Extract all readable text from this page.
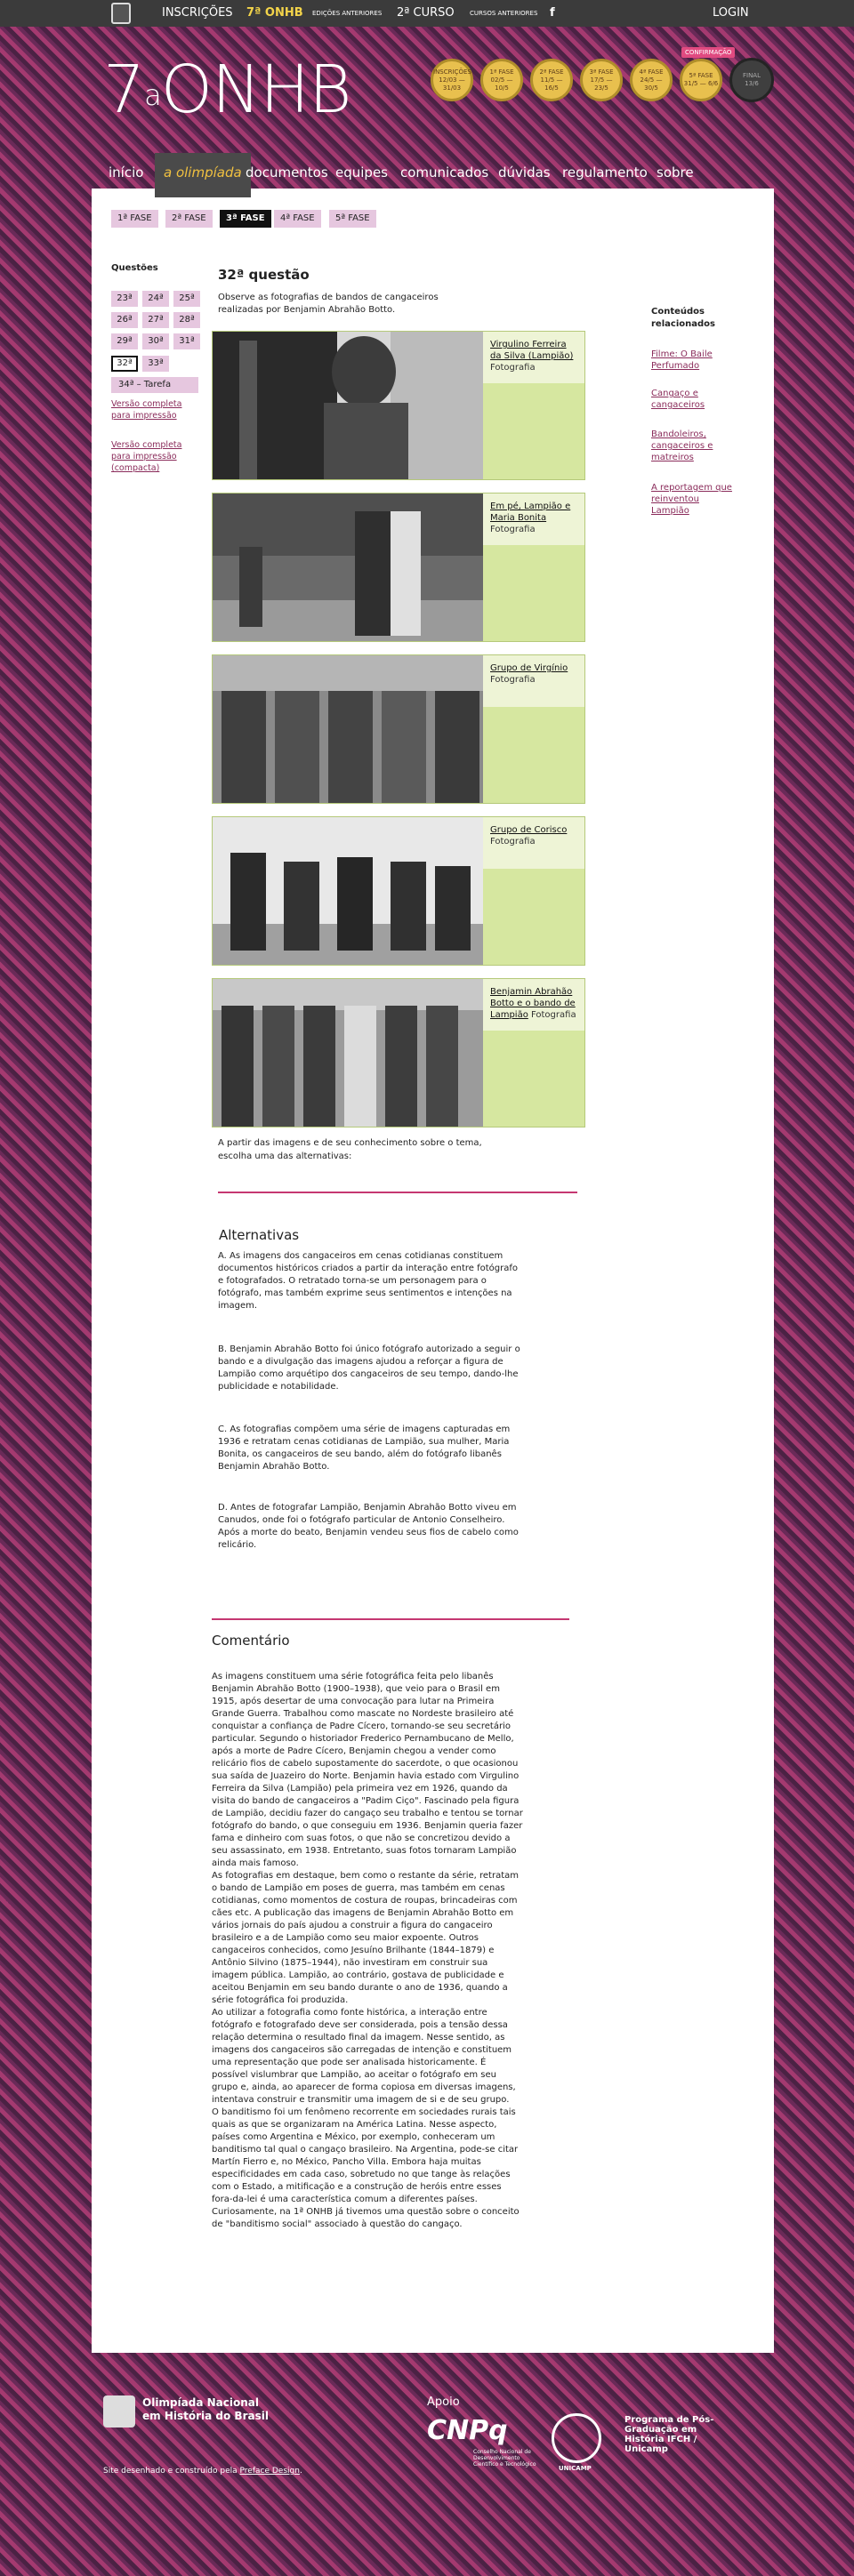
INSCRIÇÕES 7ª ONHB EDIÇÕES ANTERIORES 2ª CURSO CURSOS ANTERIORES f	LOGIN
7$^a$ONHB	INSCRIÇÕES
12/03 — 31/03
1ª FASE
02/5 — 10/5
2ª FASE
11/5 — 16/5
3ª FASE
17/5 — 23/5
4ª FASE
24/5 — 30/5
5ª FASE
31/5 — 6/6
FINAL
13/6
CONFIRMAÇÃO
início	a olimpíada documentos equipes comunicados dúvidas regulamento sobre
1ª FASE	2ª FASE	3ª FASE	4ª FASE	5ª FASE
Questões
23ª	24ª	25ª
26ª	27ª	28ª
29ª	30ª	31ª
32ª	33ª
34ª – Tarefa
Versão completa para impressão
Versão completa para impressão (compacta)
32ª questão

Observe as fotografias de bandos de cangaceiros realizadas por Benjamin Abrahão Botto.

Virgulino Ferreira da Silva (Lampião)
Fotografia
Em pé, Lampião e Maria Bonita
Fotografia
Grupo de Virgínio
Fotografia
Grupo de Corisco
Fotografia
Benjamin Abrahão Botto e o bando de Lampião Fotografia

A partir das imagens e de seu conhecimento sobre o tema, escolha uma das alternativas:

Alternativas

A. As imagens dos cangaceiros em cenas cotidianas constituem documentos históricos criados a partir da interação entre fotógrafo e fotografados. O retratado torna-se um personagem para o fotógrafo, mas também exprime seus sentimentos e intenções na imagem.

B. Benjamin Abrahão Botto foi único fotógrafo autorizado a seguir o bando e a divulgação das imagens ajudou a reforçar a figura de Lampião como arquétipo dos cangaceiros de seu tempo, dando-lhe publicidade e notabilidade.

C. As fotografias compõem uma série de imagens capturadas em 1936 e retratam cenas cotidianas de Lampião, sua mulher, Maria Bonita, os cangaceiros de seu bando, além do fotógrafo libanês Benjamin Abrahão Botto.

D. Antes de fotografar Lampião, Benjamin Abrahão Botto viveu em Canudos, onde foi o fotógrafo particular de Antonio Conselheiro. Após a morte do beato, Benjamin vendeu seus fios de cabelo como relicário.

Comentário
As imagens constituem uma série fotográfica feita pelo libanês Benjamin Abrahão Botto (1900–1938), que veio para o Brasil em 1915, após desertar de uma convocação para lutar na Primeira Grande Guerra. Trabalhou como mascate no Nordeste brasileiro até conquistar a confiança de Padre Cícero, tornando-se seu secretário particular. Segundo o historiador Frederico Pernambucano de Mello, após a morte de Padre Cícero, Benjamin chegou a vender como relicário fios de cabelo supostamente do sacerdote, o que ocasionou sua saída de Juazeiro do Norte. Benjamin havia estado com Virgulino Ferreira da Silva (Lampião) pela primeira vez em 1926, quando da visita do bando de cangaceiros a "Padim Ciço". Fascinado pela figura de Lampião, decidiu fazer do cangaço seu trabalho e tentou se tornar fotógrafo do bando, o que conseguiu em 1936. Benjamin queria fazer fama e dinheiro com suas fotos, o que não se concretizou devido a seu assassinato, em 1938. Entretanto, suas fotos tornaram Lampião ainda mais famoso.
As fotografias em destaque, bem como o restante da série, retratam o bando de Lampião em poses de guerra, mas também em cenas cotidianas, como momentos de costura de roupas, brincadeiras com cães etc. A publicação das imagens de Benjamin Abrahão Botto em vários jornais do país ajudou a construir a figura do cangaceiro brasileiro e a de Lampião como seu maior expoente. Outros cangaceiros conhecidos, como Jesuíno Brilhante (1844–1879) e Antônio Silvino (1875–1944), não investiram em construir sua imagem pública. Lampião, ao contrário, gostava de publicidade e aceitou Benjamin em seu bando durante o ano de 1936, quando a série fotográfica foi produzida.
Ao utilizar a fotografia como fonte histórica, a interação entre fotógrafo e fotografado deve ser considerada, pois a tensão dessa relação determina o resultado final da imagem. Nesse sentido, as imagens dos cangaceiros são carregadas de intenção e constituem uma representação que pode ser analisada historicamente. É possível vislumbrar que Lampião, ao aceitar o fotógrafo em seu grupo e, ainda, ao aparecer de forma copiosa em diversas imagens, intentava construir e transmitir uma imagem de si e de seu grupo.
O banditismo foi um fenômeno recorrente em sociedades rurais tais quais as que se organizaram na América Latina. Nesse aspecto, países como Argentina e México, por exemplo, conheceram um banditismo tal qual o cangaço brasileiro. Na Argentina, pode-se citar Martín Fierro e, no México, Pancho Villa. Embora haja muitas especificidades em cada caso, sobretudo no que tange às relações com o Estado, a mitificação e a construção de heróis entre esses fora-da-lei é uma característica comum a diferentes países. Curiosamente, na 1ª ONHB já tivemos uma questão sobre o conceito de "banditismo social" associado à questão do cangaço.
Conteúdos relacionados
Filme: O Baile Perfumado
Cangaço e cangaceiros
Bandoleiros, cangaceiros e matreiros
A reportagem que reinventou Lampião
Olimpíada Nacional em História do Brasil
Apoio
CNPq
Conselho Nacional de Desenvolvimento Científico e Tecnológico
UNICAMP
Programa de Pós-Graduação em História IFCH / Unicamp
Site desenhado e construído pela Preface Design.
